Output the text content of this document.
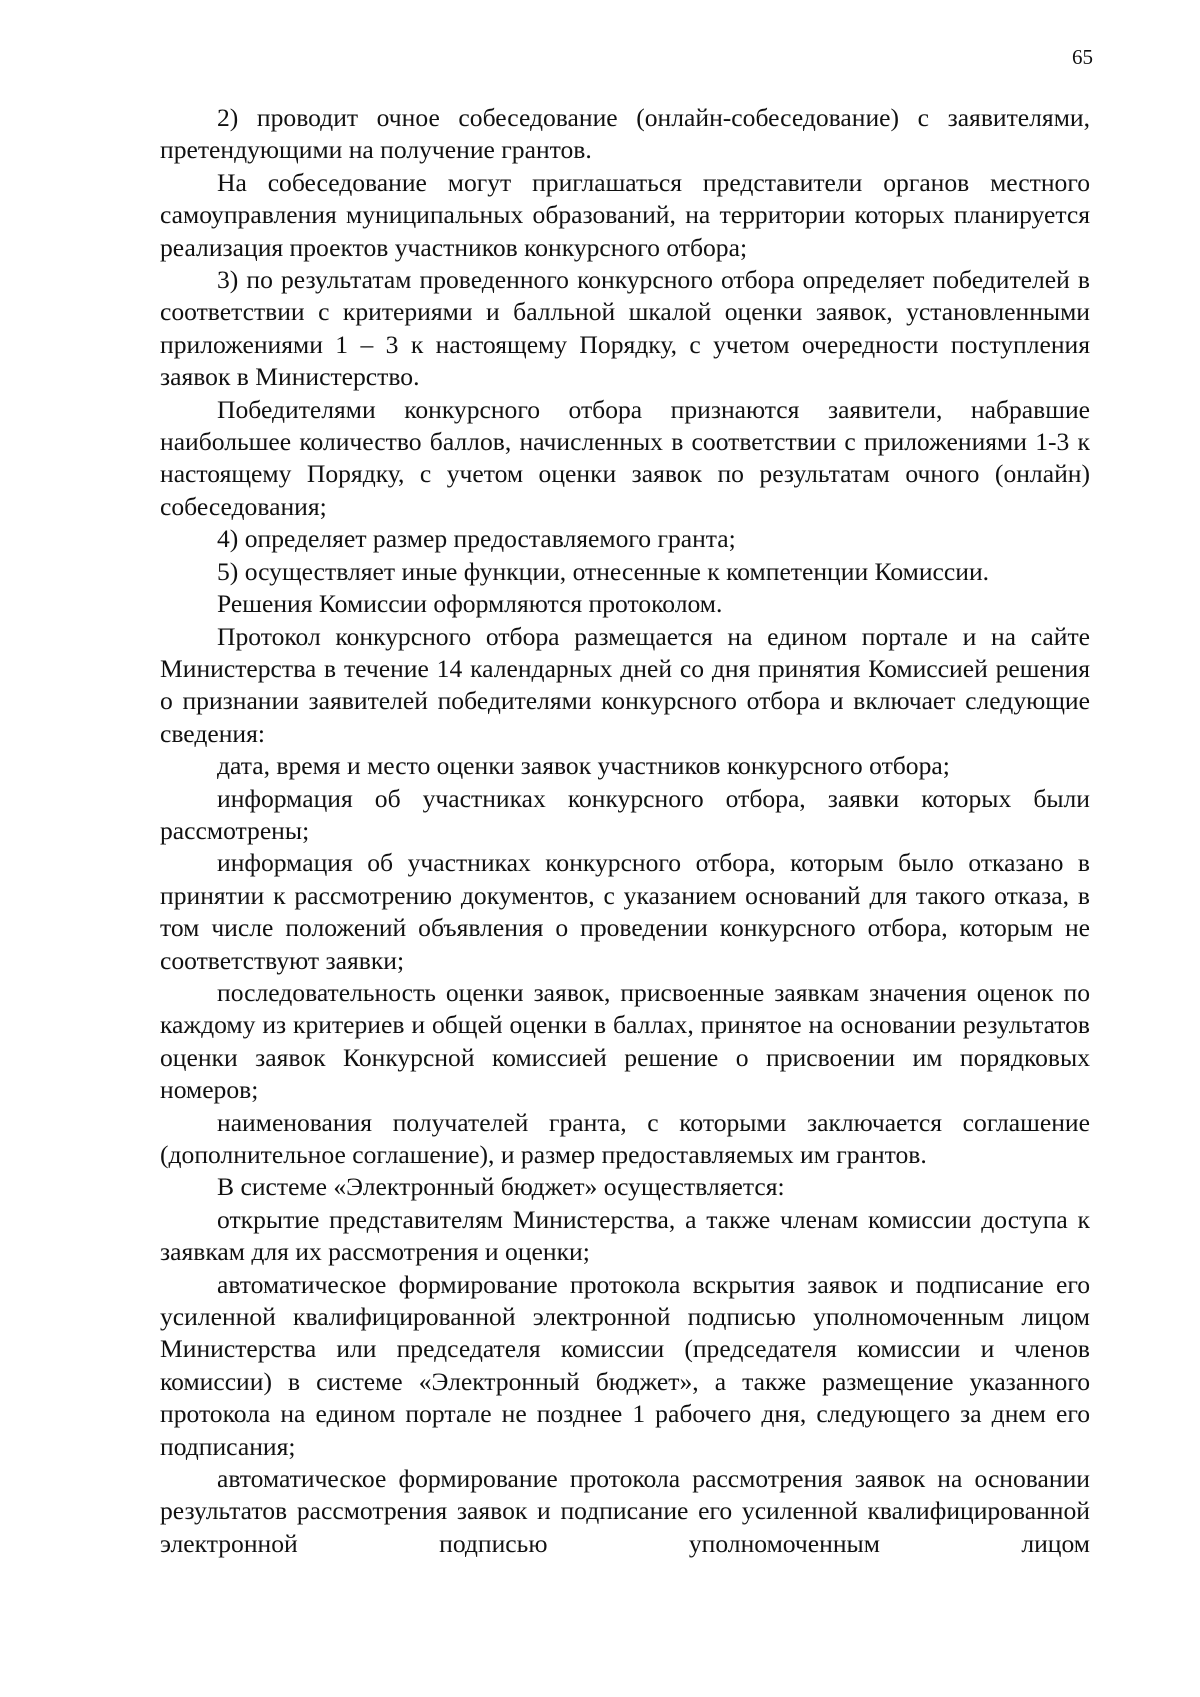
65

2) проводит очное собеседование (онлайн-собеседование) с заявителями, претендующими на получение грантов.

На собеседование могут приглашаться представители органов местного самоуправления муниципальных образований, на территории которых планируется реализация проектов участников конкурсного отбора;

3) по результатам проведенного конкурсного отбора определяет победителей в соответствии с критериями и балльной шкалой оценки заявок, установленными приложениями 1 – 3 к настоящему Порядку, с учетом очередности поступления заявок в Министерство.

Победителями конкурсного отбора признаются заявители, набравшие наибольшее количество баллов, начисленных в соответствии с приложениями 1-3 к настоящему Порядку, с учетом оценки заявок по результатам очного (онлайн) собеседования;

4) определяет размер предоставляемого гранта;

5) осуществляет иные функции, отнесенные к компетенции Комиссии.

Решения Комиссии оформляются протоколом.

Протокол конкурсного отбора размещается на едином портале и на сайте Министерства в течение 14 календарных дней со дня принятия Комиссией решения о признании заявителей победителями конкурсного отбора и включает следующие сведения:

дата, время и место оценки заявок участников конкурсного отбора;

информация об участниках конкурсного отбора, заявки которых были рассмотрены;

информация об участниках конкурсного отбора, которым было отказано в принятии к рассмотрению документов, с указанием оснований для такого отказа, в том числе положений объявления о проведении конкурсного отбора, которым не соответствуют заявки;

последовательность оценки заявок, присвоенные заявкам значения оценок по каждому из критериев и общей оценки в баллах, принятое на основании результатов оценки заявок Конкурсной комиссией решение о присвоении им порядковых номеров;

наименования получателей гранта, с которыми заключается соглашение (дополнительное соглашение), и размер предоставляемых им грантов.

В системе «Электронный бюджет» осуществляется:

открытие представителям Министерства, а также членам комиссии доступа к заявкам для их рассмотрения и оценки;

автоматическое формирование протокола вскрытия заявок и подписание его усиленной квалифицированной электронной подписью уполномоченным лицом Министерства или председателя комиссии (председателя комиссии и членов комиссии) в системе «Электронный бюджет», а также размещение указанного протокола на едином портале не позднее 1 рабочего дня, следующего за днем его подписания;

автоматическое формирование протокола рассмотрения заявок на основании результатов рассмотрения заявок и подписание его усиленной квалифицированной электронной подписью уполномоченным лицом
